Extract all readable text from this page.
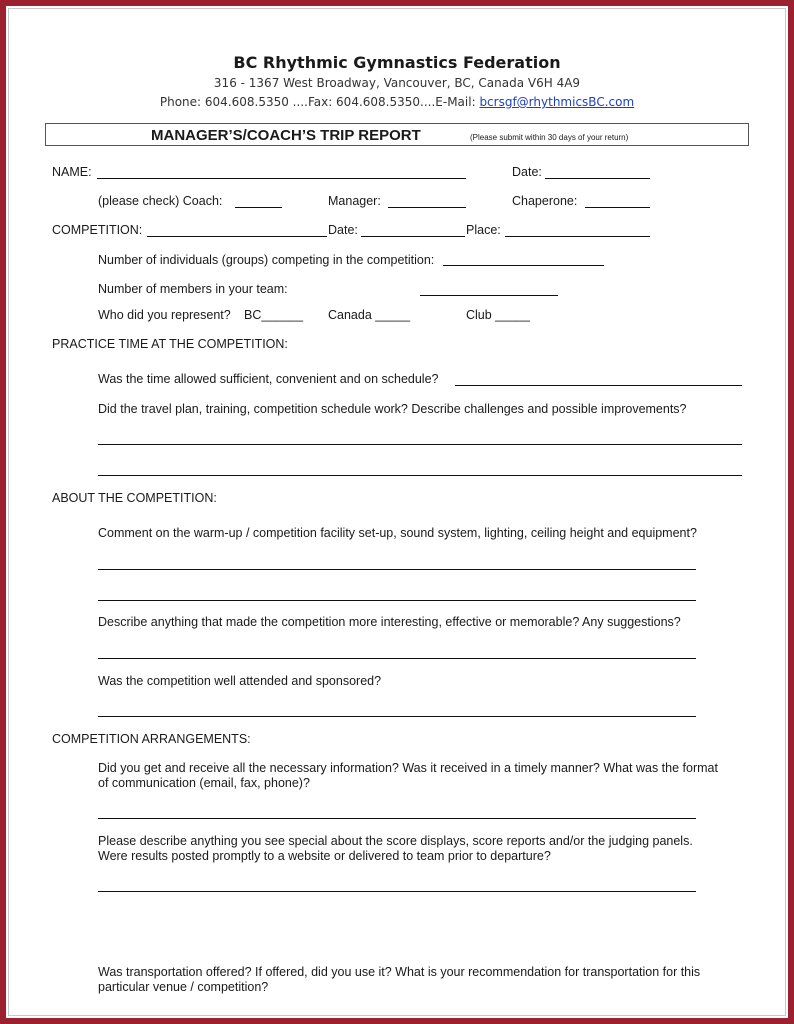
BC Rhythmic Gymnastics Federation
316 - 1367 West Broadway, Vancouver, BC, Canada V6H 4A9
Phone: 604.608.5350 ....Fax: 604.608.5350....E-Mail: bcrsgf@rhythmicsBC.com
MANAGER’S/COACH’S TRIP REPORT	(Please submit within 30 days of your return)
NAME:	Date:
(please check) Coach:	Manager:	Chaperone:
COMPETITION:	Date:	Place:
Number of individuals (groups) competing in the competition:
Number of members in your team:
Who did you represent? BC______ Canada _____	Club _____
PRACTICE TIME AT THE COMPETITION:
Was the time allowed sufficient, convenient and on schedule?
Did the travel plan, training, competition schedule work? Describe challenges and possible improvements?
ABOUT THE COMPETITION:
Comment on the warm-up / competition facility set-up, sound system, lighting, ceiling height and equipment?
Describe anything that made the competition more interesting, effective or memorable? Any suggestions?
Was the competition well attended and sponsored?
COMPETITION ARRANGEMENTS:
Did you get and receive all the necessary information? Was it received in a timely manner? What was the format
of communication (email, fax, phone)?
Please describe anything you see special about the score displays, score reports and/or the judging panels.
Were results posted promptly to a website or delivered to team prior to departure?
Was transportation offered? If offered, did you use it? What is your recommendation for transportation for this
particular venue / competition?
